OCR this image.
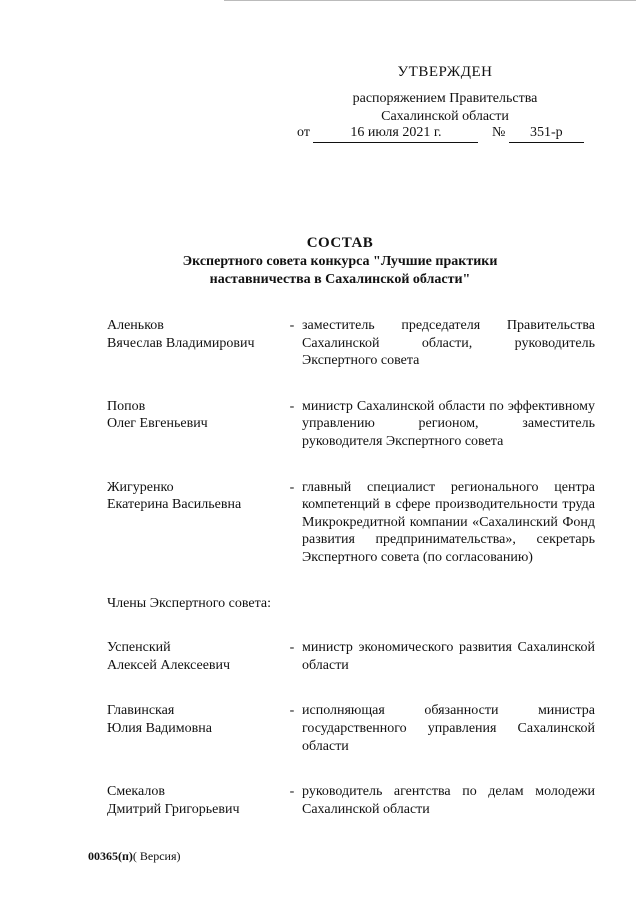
УТВЕРЖДЕН
распоряжением Правительства
Сахалинской области
от	16 июля 2021 г.	№ 351-р
СОСТАВ
Экспертного совета конкурса "Лучшие практики
наставничества в Сахалинской области"
Аленьков
Вячеслав Владимирович
- заместитель председателя Правительства Сахалинской области, руководитель Экспертного совета
Попов
Олег Евгеньевич
- министр Сахалинской области по эффективному управлению регионом, заместитель руководителя Экспертного совета
Жигуренко
Екатерина Васильевна
- главный специалист регионального центра компетенций в сфере производительности труда Микрокредитной компании «Сахалинский Фонд развития предпринимательства», секретарь Экспертного совета (по согласованию)
Члены Экспертного совета:
Успенский
Алексей Алексеевич
- министр экономического развития Сахалинской области
Главинская
Юлия Вадимовна
- исполняющая обязанности министра государственного управления Сахалинской области
Смекалов
Дмитрий Григорьевич
- руководитель агентства по делам молодежи Сахалинской области
00365(п)( Версия)
